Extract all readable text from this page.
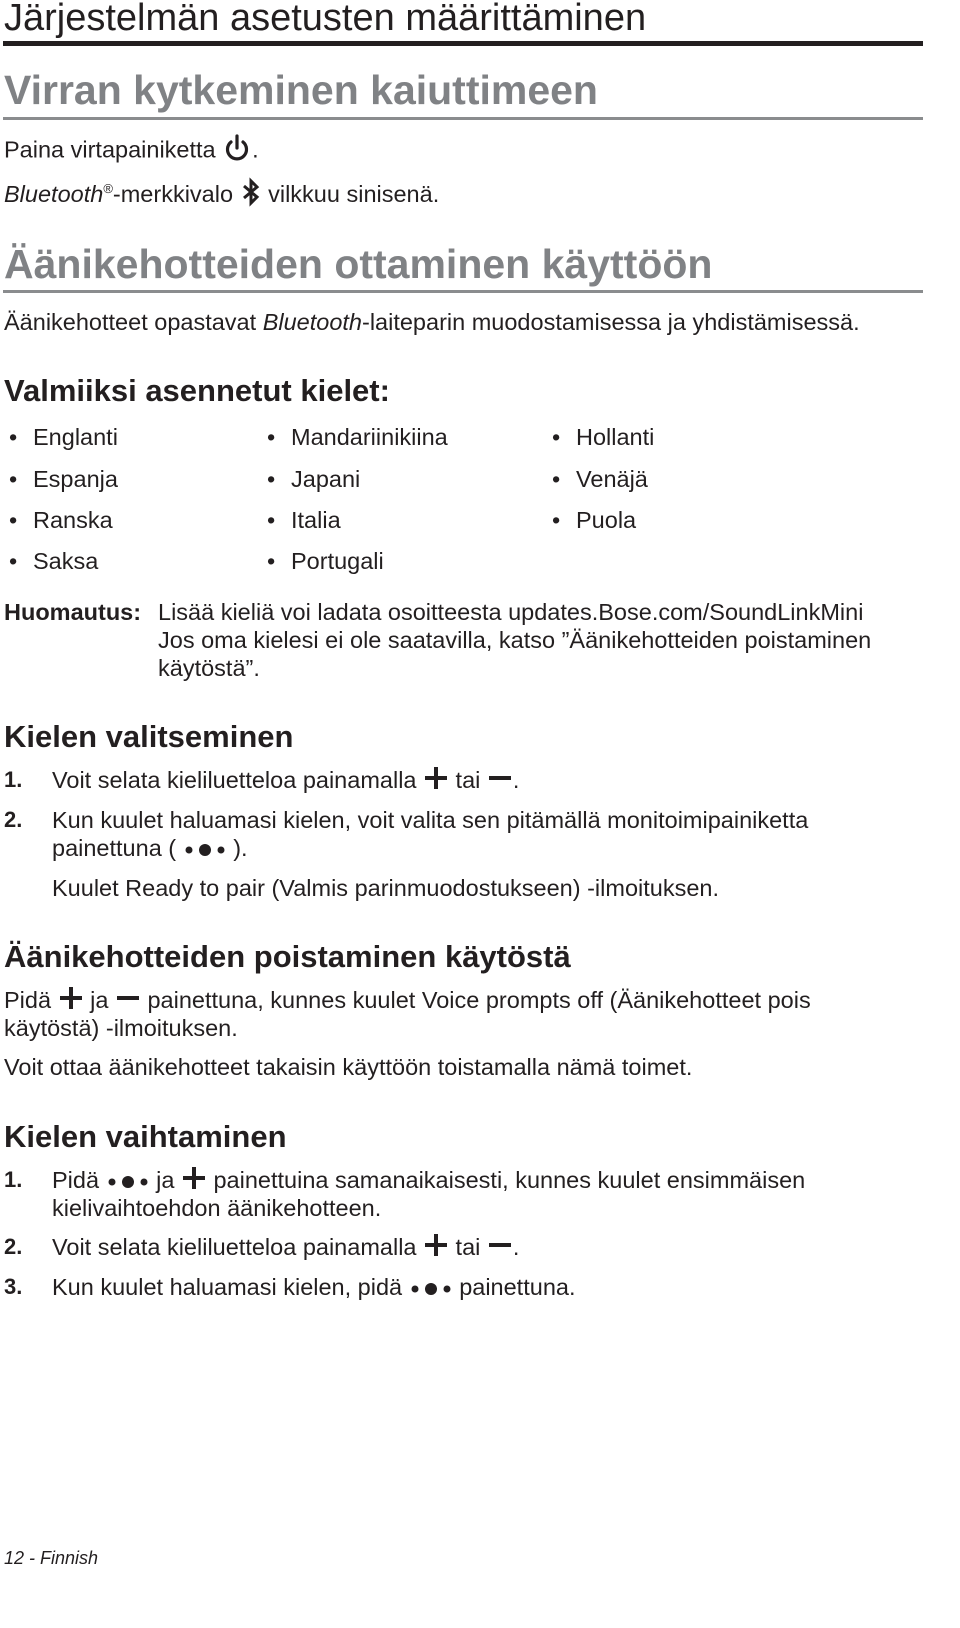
Järjestelmän asetusten määrittäminen
Virran kytkeminen kaiuttimeen
Paina virtapainiketta .
Bluetooth®-merkkivalo vilkkuu sinisenä.
Äänikehotteiden ottaminen käyttöön
Äänikehotteet opastavat Bluetooth-laiteparin muodostamisessa ja yhdistämisessä.
Valmiiksi asennetut kielet:
• Englanti
• Espanja
• Ranska
• Saksa
• Mandariinikiina
• Japani
• Italia
• Portugali
• Hollanti
• Venäjä
• Puola
Huomautus: Lisää kieliä voi ladata osoitteesta updates.Bose.com/SoundLinkMini
Jos oma kielesi ei ole saatavilla, katso ”Äänikehotteiden poistaminen
käytöstä”.
Kielen valitseminen
1. Voit selata kieliluetteloa painamalla tai .
2. Kun kuulet haluamasi kielen, voit valita sen pitämällä monitoimipainiketta
painettuna ( ).
Kuulet Ready to pair (Valmis parinmuodostukseen) -ilmoituksen.
Äänikehotteiden poistaminen käytöstä
Pidä ja painettuna, kunnes kuulet Voice prompts off (Äänikehotteet pois
käytöstä) -ilmoituksen.
Voit ottaa äänikehotteet takaisin käyttöön toistamalla nämä toimet.
Kielen vaihtaminen
1. Pidä ja painettuina samanaikaisesti, kunnes kuulet ensimmäisen
kielivaihtoehdon äänikehotteen.
2. Voit selata kieliluetteloa painamalla tai .
3. Kun kuulet haluamasi kielen, pidä painettuna.
12 - Finnish
